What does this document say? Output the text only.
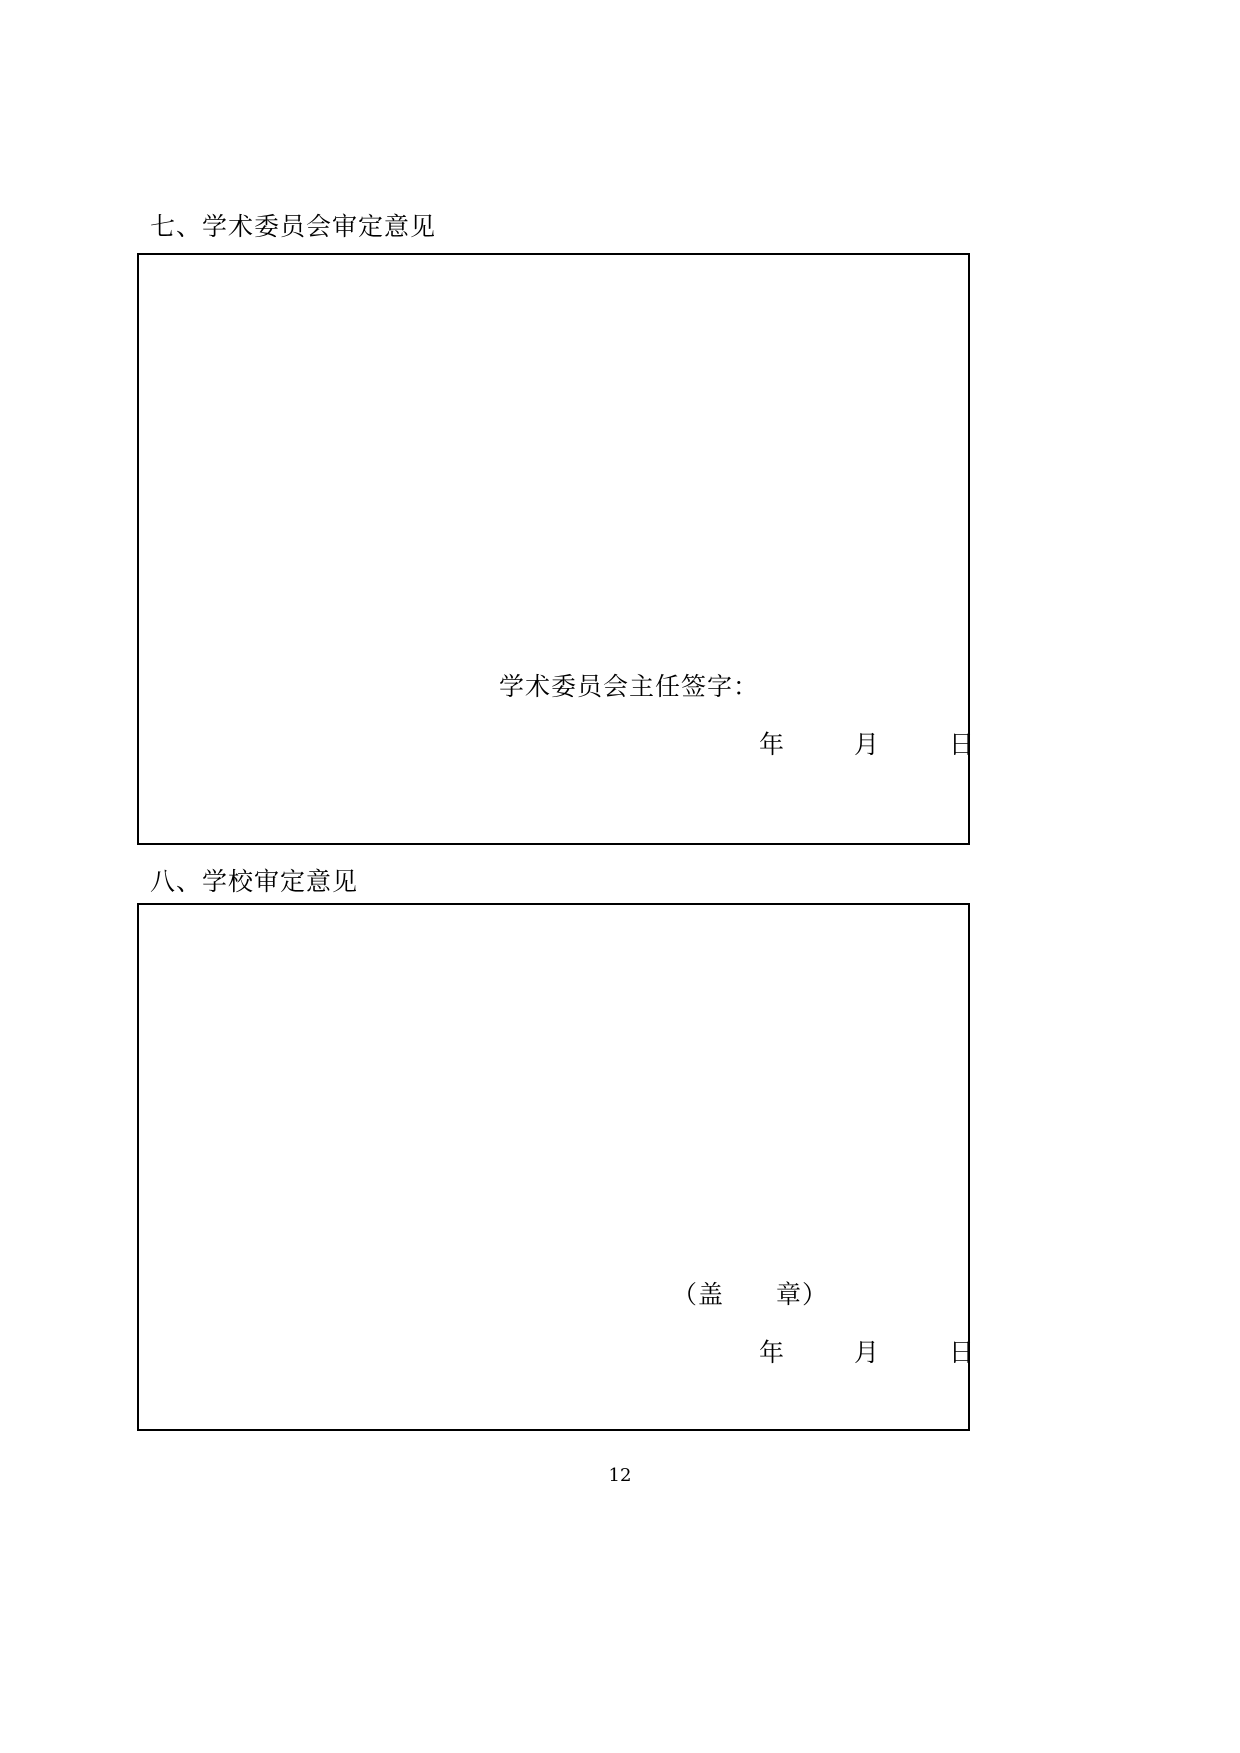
七、学术委员会审定意见
学术委员会主任签字：
年	月	日
八、学校审定意见
（盖　　章）
年	月	日
12
